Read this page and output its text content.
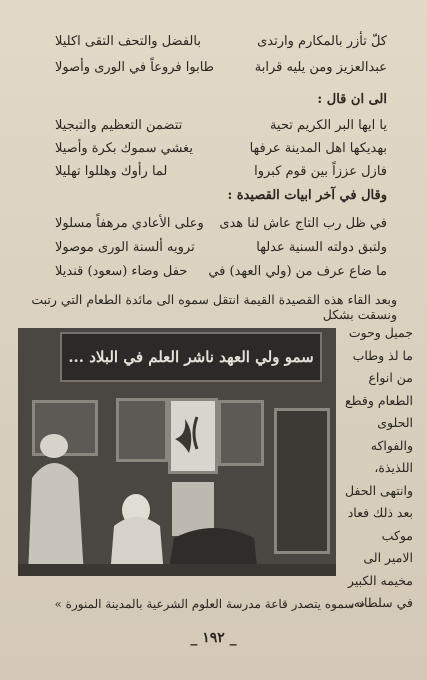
كلّ تأزر بالمكارم وارتدى
بالفضل والتحف التقى اكليلا
عبدالعزيز ومن يليه قرابة
طابوا فروعاً في الورى وأصولا
الى ان قال :
يا ايها البر الكريم تحية
تتضمن التعظيم والتبجيلا
بهديكها اهل المدينة عرفها
يغشي سموك بكرة وأصيلا
فازل عززاً بين قوم كبروا
لما رأوك وهللوا تهليلا
وقال في آخر ابيات القصيدة :
في ظل رب التاج عاش لنا هدى
وعلى الأعادي مرهفاً مسلولا
ولتبق دولته السنية عدلها
ترويه ألسنة الورى موصولا
ما ضاع عرف من (ولي العهد) في
حفل وضاء (سعود) قنديلا
وبعد القاء هذه القصيدة القيمة انتقل سموه الى مائدة الطعام التي رتبت ونسقت بشكل
جميل وحوت
ما لذ وطاب
من انواع
الطعام وقطع
الحلوى
والفواكه
اللذيذة،
وانتهى الحفل
بعد ذلك فعاد
موكب
الامير الى
مخيمه الكبير
في سلطانه.
سمو ولي العهد ناشر العلم في البلاد ...
« سموه يتصدر قاعة مدرسة العلوم الشرعية بالمدينة المنورة »
_ ١٩٢ _
